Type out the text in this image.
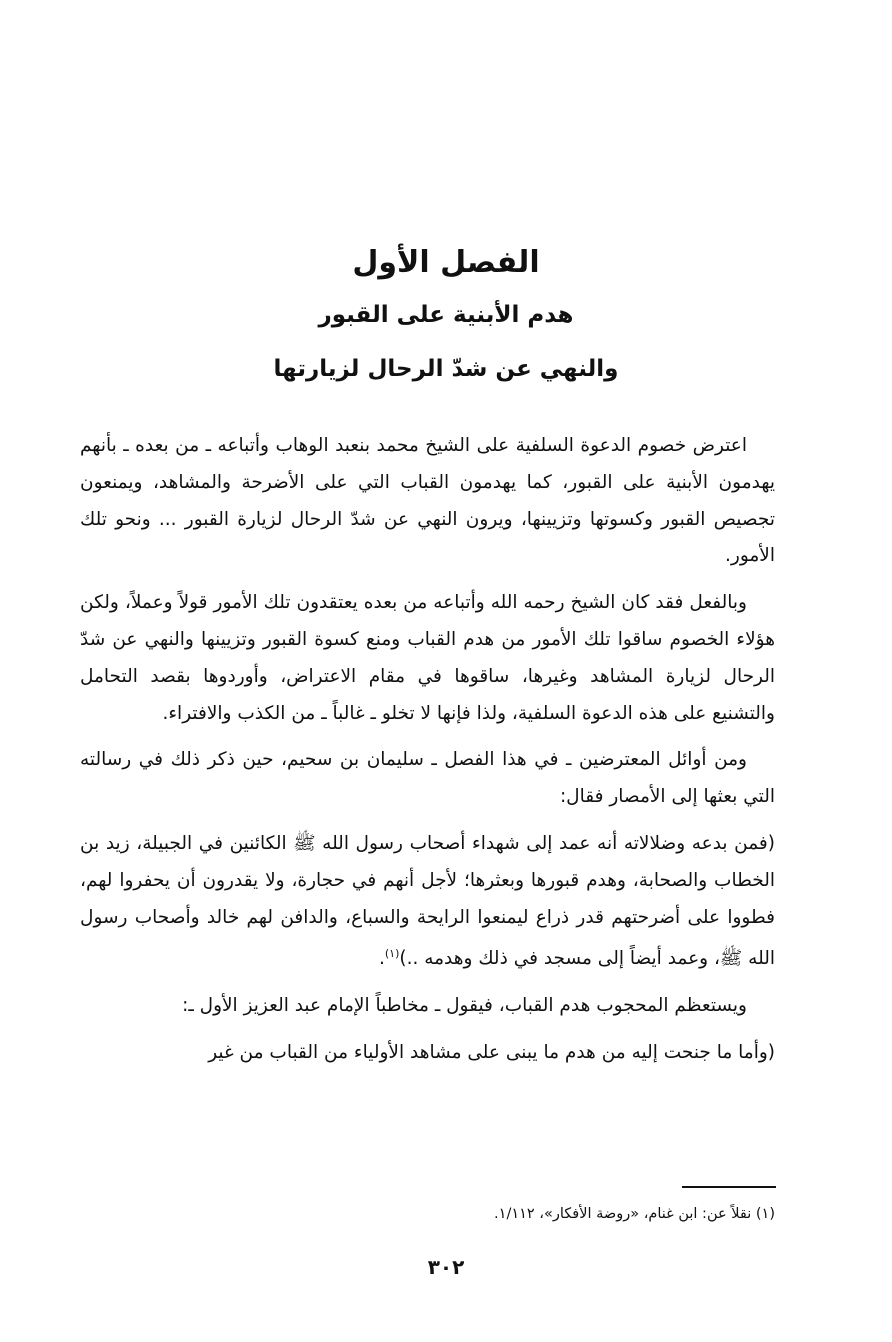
الفصل الأول
هدم الأبنية على القبور
والنهي عن شدّ الرحال لزيارتها

اعترض خصوم الدعوة السلفية على الشيخ محمد بنعبد الوهاب وأتباعه ـ من بعده ـ بأنهم يهدمون الأبنية على القبور، كما يهدمون القباب التي على الأضرحة والمشاهد، ويمنعون تجصيص القبور وكسوتها وتزيينها، ويرون النهي عن شدّ الرحال لزيارة القبور ... ونحو تلك الأمور.

وبالفعل فقد كان الشيخ رحمه الله وأتباعه من بعده يعتقدون تلك الأمور قولاً وعملاً، ولكن هؤلاء الخصوم ساقوا تلك الأمور من هدم القباب ومنع كسوة القبور وتزيينها والنهي عن شدّ الرحال لزيارة المشاهد وغيرها، ساقوها في مقام الاعتراض، وأوردوها بقصد التحامل والتشنيع على هذه الدعوة السلفية، ولذا فإنها لا تخلو ـ غالباً ـ من الكذب والافتراء.

ومن أوائل المعترضين ـ في هذا الفصل ـ سليمان بن سحيم، حين ذكر ذلك في رسالته التي بعثها إلى الأمصار فقال:

(فمن بدعه وضلالاته أنه عمد إلى شهداء أصحاب رسول الله ﷺ الكائنين في الجبيلة، زيد بن الخطاب والصحابة، وهدم قبورها وبعثرها؛ لأجل أنهم في حجارة، ولا يقدرون أن يحفروا لهم، فطووا على أضرحتهم قدر ذراع ليمنعوا الرايحة والسباع، والدافن لهم خالد وأصحاب رسول الله ﷺ، وعمد أيضاً إلى مسجد في ذلك وهدمه ..)$^{(١)}$.

ويستعظم المحجوب هدم القباب، فيقول ـ مخاطباً الإمام عبد العزيز الأول ـ:

(وأما ما جنحت إليه من هدم ما يبنى على مشاهد الأولياء من القباب من غير

(١) نقلاً عن: ابن غنام، «روضة الأفكار»، ١/١١٢.
٣٠٢
